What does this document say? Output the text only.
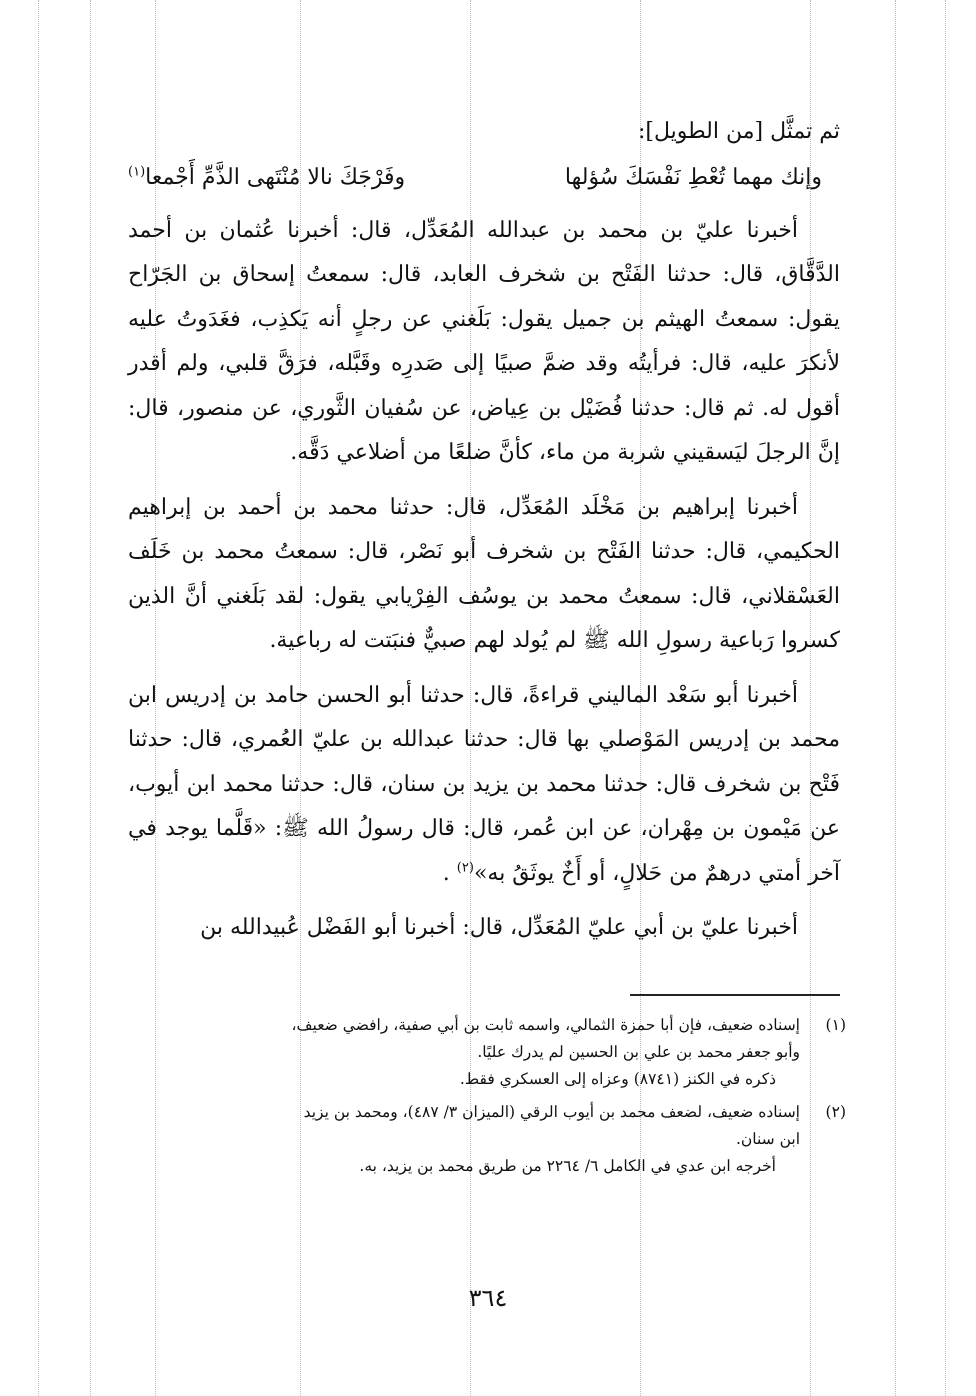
ثم تمثَّل [من الطويل]:
وإنك مهما تُعْطِ نَفْسَكَ سُؤلها
وفَرْجَكَ نالا مُنْتَهى الذَّمِّ أَجْمعا$^{(١)}$

أخبرنا عليّ بن محمد بن عبدالله المُعَدِّل، قال: أخبرنا عُثمان بن أحمد الدَّقَّاق، قال: حدثنا الفَتْح بن شخرف العابد، قال: سمعتُ إسحاق بن الجَرّاح يقول: سمعتُ الهيثم بن جميل يقول: بَلَغني عن رجلٍ أنه يَكذِب، فغَدَوتُ عليه لأنكرَ عليه، قال: فرأيتُه وقد ضمَّ صبيًا إلى صَدرِه وقَبَّله، فرَقَّ قلبي، ولم أقدر أقول له. ثم قال: حدثنا فُضَيْل بن عِياض، عن سُفيان الثَّوري، عن منصور، قال: إنَّ الرجلَ ليَسقيني شربة من ماء، كأنَّ ضلعًا من أضلاعي دَقَّه.

أخبرنا إبراهيم بن مَخْلَد المُعَدِّل، قال: حدثنا محمد بن أحمد بن إبراهيم الحكيمي، قال: حدثنا الفَتْح بن شخرف أبو نَصْر، قال: سمعتُ محمد بن خَلَف العَسْقلاني، قال: سمعتُ محمد بن يوسُف الفِرْيابي يقول: لقد بَلَغني أنَّ الذين كسروا رَباعية رسولِ الله ﷺ لم يُولد لهم صبيٌّ فنبَتت له رباعية.

أخبرنا أبو سَعْد الماليني قراءةً، قال: حدثنا أبو الحسن حامد بن إدريس ابن محمد بن إدريس المَوْصلي بها قال: حدثنا عبدالله بن عليّ العُمري، قال: حدثنا فَتْح بن شخرف قال: حدثنا محمد بن يزيد بن سنان، قال: حدثنا محمد ابن أيوب، عن مَيْمون بن مِهْران، عن ابن عُمر، قال: قال رسولُ الله ﷺ: «قَلَّما يوجد في آخر أمتي درهمٌ من حَلالٍ، أو أَخٌ يوثَقُ به»$^{(٢)}$ .

أخبرنا عليّ بن أبي عليّ المُعَدِّل، قال: أخبرنا أبو الفَضْل عُبيدالله بن

(١)
إسناده ضعيف، فإن أبا حمزة الثمالي، واسمه ثابت بن أبي صفية، رافضي ضعيف،
وأبو جعفر محمد بن علي بن الحسين لم يدرك عليًا.
ذكره في الكنز (٨٧٤١) وعزاه إلى العسكري فقط.
(٢)
إسناده ضعيف، لضعف محمد بن أيوب الرقي (الميزان ٣/ ٤٨٧)، ومحمد بن يزيد
ابن سنان.
أخرجه ابن عدي في الكامل ٦/ ٢٢٦٤ من طريق محمد بن يزيد، به.
٣٦٤
